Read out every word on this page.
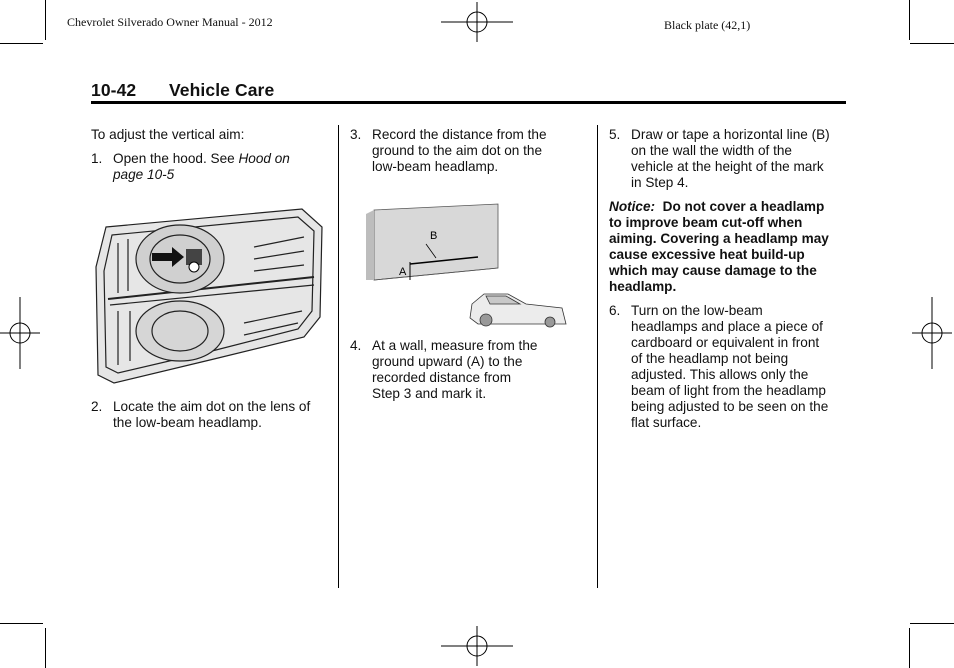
Chevrolet Silverado Owner Manual - 2012	Black plate (42,1)
10-42 Vehicle Care

To adjust the vertical aim:

1. Open the hood. See Hood on
page 10-5
2. Locate the aim dot on the lens of
the low-beam headlamp.
3. Record the distance from the
ground to the aim dot on the
low-beam headlamp.
B
A
4. At a wall, measure from the
ground upward (A) to the
recorded distance from
Step 3 and mark it.
5. Draw or tape a horizontal line (B)
on the wall the width of the
vehicle at the height of the mark
in Step 4.
Notice: Do not cover a headlamp
to improve beam cut-off when
aiming. Covering a headlamp may
cause excessive heat build-up
which may cause damage to the
headlamp.
6. Turn on the low-beam
headlamps and place a piece of
cardboard or equivalent in front
of the headlamp not being
adjusted. This allows only the
beam of light from the headlamp
being adjusted to be seen on the
flat surface.
